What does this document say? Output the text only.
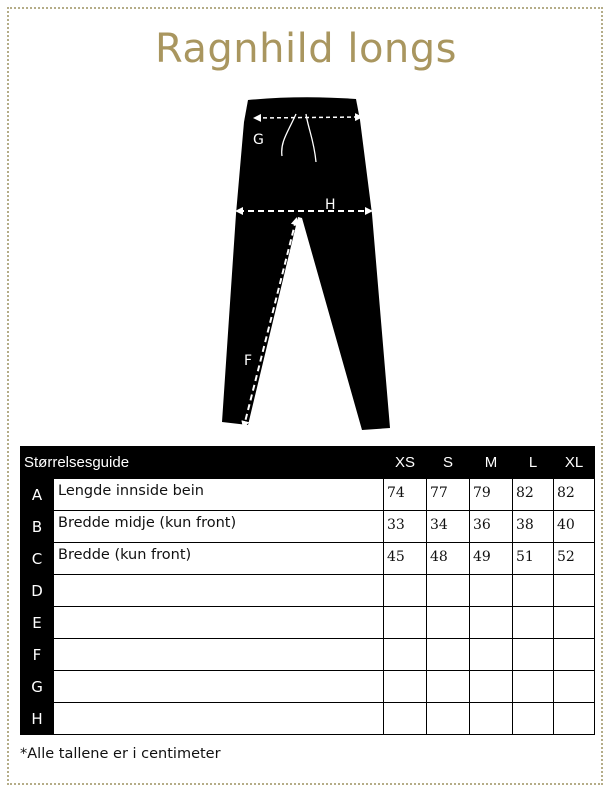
Ragnhild longs
G
H
F
Størrelsesguide		XS	S	M	L	XL
A	Lengde innside bein	74	77	79	82	82
B	Bredde midje (kun front)	33	34	36	38	40
C	Bredde (kun front)	45	48	49	51	52
D						
E						
F						
G						
H						
*Alle tallene er i centimeter
